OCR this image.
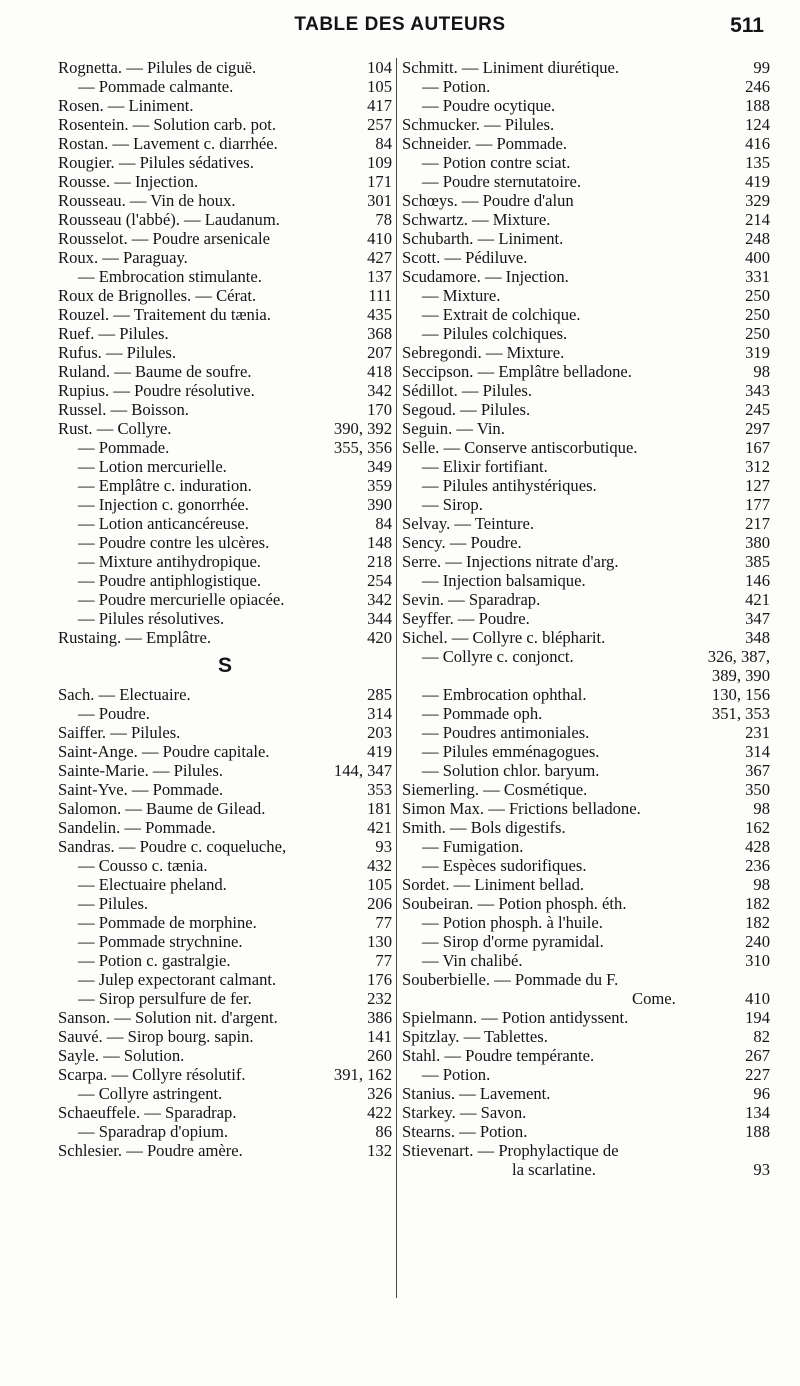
TABLE DES AUTEURS	511
Rognetta. — Pilules de ciguë.	104
— Pommade calmante.	105
Rosen. — Liniment.	417
Rosentein. — Solution carb. pot.	257
Rostan. — Lavement c. diarrhée.	84
Rougier. — Pilules sédatives.	109
Rousse. — Injection.	171
Rousseau. — Vin de houx.	301
Rousseau (l'abbé). — Laudanum.	78
Rousselot. — Poudre arsenicale	410
Roux. — Paraguay.	427
— Embrocation stimulante.	137
Roux de Brignolles. — Cérat.	111
Rouzel. — Traitement du tænia.	435
Ruef. — Pilules.	368
Rufus. — Pilules.	207
Ruland. — Baume de soufre.	418
Rupius. — Poudre résolutive.	342
Russel. — Boisson.	170
Rust. — Collyre.	390, 392
— Pommade.	355, 356
— Lotion mercurielle.	349
— Emplâtre c. induration.	359
— Injection c. gonorrhée.	390
— Lotion anticancéreuse.	84
— Poudre contre les ulcères.	148
— Mixture antihydropique.	218
— Poudre antiphlogistique.	254
— Poudre mercurielle opiacée.	342
— Pilules résolutives.	344
Rustaing. — Emplâtre.	420
S
Sach. — Electuaire.	285
— Poudre.	314
Saiffer. — Pilules.	203
Saint-Ange. — Poudre capitale.	419
Sainte-Marie. — Pilules.	144, 347
Saint-Yve. — Pommade.	353
Salomon. — Baume de Gilead.	181
Sandelin. — Pommade.	421
Sandras. — Poudre c. coqueluche,	93
— Cousso c. tænia.	432
— Electuaire pheland.	105
— Pilules.	206
— Pommade de morphine.	77
— Pommade strychnine.	130
— Potion c. gastralgie.	77
— Julep expectorant calmant.	176
— Sirop persulfure de fer.	232
Sanson. — Solution nit. d'argent.	386
Sauvé. — Sirop bourg. sapin.	141
Sayle. — Solution.	260
Scarpa. — Collyre résolutif.	391, 162
— Collyre astringent.	326
Schaeuffele. — Sparadrap.	422
— Sparadrap d'opium.	86
Schlesier. — Poudre amère.	132
Schmitt. — Liniment diurétique.	99
— Potion.	246
— Poudre ocytique.	188
Schmucker. — Pilules.	124
Schneider. — Pommade.	416
— Potion contre sciat.	135
— Poudre sternutatoire.	419
Schœys. — Poudre d'alun	329
Schwartz. — Mixture.	214
Schubarth. — Liniment.	248
Scott. — Pédiluve.	400
Scudamore. — Injection.	331
— Mixture.	250
— Extrait de colchique.	250
— Pilules colchiques.	250
Sebregondi. — Mixture.	319
Seccipson. — Emplâtre belladone.	98
Sédillot. — Pilules.	343
Segoud. — Pilules.	245
Seguin. — Vin.	297
Selle. — Conserve antiscorbutique.	167
— Elixir fortifiant.	312
— Pilules antihystériques.	127
— Sirop.	177
Selvay. — Teinture.	217
Sency. — Poudre.	380
Serre. — Injections nitrate d'arg.	385
— Injection balsamique.	146
Sevin. — Sparadrap.	421
Seyffer. — Poudre.	347
Sichel. — Collyre c. blépharit.	348
— Collyre c. conjonct.	326, 387,
389, 390
— Embrocation ophthal.	130, 156
— Pommade oph.	351, 353
— Poudres antimoniales.	231
— Pilules emménagogues.	314
— Solution chlor. baryum.	367
Siemerling. — Cosmétique.	350
Simon Max. — Frictions belladone.	98
Smith. — Bols digestifs.	162
— Fumigation.	428
— Espèces sudorifiques.	236
Sordet. — Liniment bellad.	98
Soubeiran. — Potion phosph. éth.	182
— Potion phosph. à l'huile.	182
— Sirop d'orme pyramidal.	240
— Vin chalibé.	310
Souberbielle. — Pommade du F.
Come.	410
Spielmann. — Potion antidyssent.	194
Spitzlay. — Tablettes.	82
Stahl. — Poudre tempérante.	267
— Potion.	227
Stanius. — Lavement.	96
Starkey. — Savon.	134
Stearns. — Potion.	188
Stievenart. — Prophylactique de
la scarlatine.	93
